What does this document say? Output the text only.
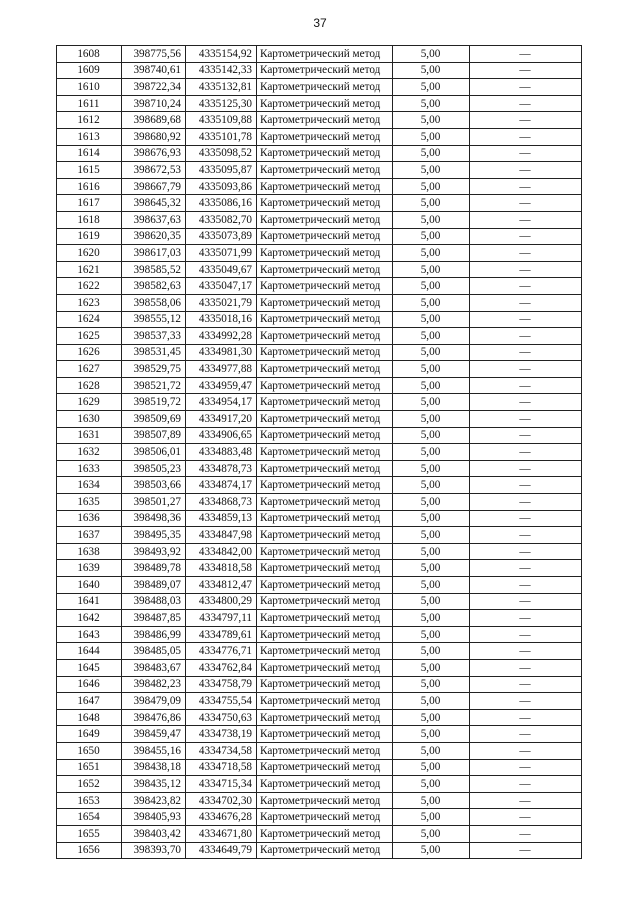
37
1608	398775,56	4335154,92	Картометрический метод	5,00	—
1609	398740,61	4335142,33	Картометрический метод	5,00	—
1610	398722,34	4335132,81	Картометрический метод	5,00	—
1611	398710,24	4335125,30	Картометрический метод	5,00	—
1612	398689,68	4335109,88	Картометрический метод	5,00	—
1613	398680,92	4335101,78	Картометрический метод	5,00	—
1614	398676,93	4335098,52	Картометрический метод	5,00	—
1615	398672,53	4335095,87	Картометрический метод	5,00	—
1616	398667,79	4335093,86	Картометрический метод	5,00	—
1617	398645,32	4335086,16	Картометрический метод	5,00	—
1618	398637,63	4335082,70	Картометрический метод	5,00	—
1619	398620,35	4335073,89	Картометрический метод	5,00	—
1620	398617,03	4335071,99	Картометрический метод	5,00	—
1621	398585,52	4335049,67	Картометрический метод	5,00	—
1622	398582,63	4335047,17	Картометрический метод	5,00	—
1623	398558,06	4335021,79	Картометрический метод	5,00	—
1624	398555,12	4335018,16	Картометрический метод	5,00	—
1625	398537,33	4334992,28	Картометрический метод	5,00	—
1626	398531,45	4334981,30	Картометрический метод	5,00	—
1627	398529,75	4334977,88	Картометрический метод	5,00	—
1628	398521,72	4334959,47	Картометрический метод	5,00	—
1629	398519,72	4334954,17	Картометрический метод	5,00	—
1630	398509,69	4334917,20	Картометрический метод	5,00	—
1631	398507,89	4334906,65	Картометрический метод	5,00	—
1632	398506,01	4334883,48	Картометрический метод	5,00	—
1633	398505,23	4334878,73	Картометрический метод	5,00	—
1634	398503,66	4334874,17	Картометрический метод	5,00	—
1635	398501,27	4334868,73	Картометрический метод	5,00	—
1636	398498,36	4334859,13	Картометрический метод	5,00	—
1637	398495,35	4334847,98	Картометрический метод	5,00	—
1638	398493,92	4334842,00	Картометрический метод	5,00	—
1639	398489,78	4334818,58	Картометрический метод	5,00	—
1640	398489,07	4334812,47	Картометрический метод	5,00	—
1641	398488,03	4334800,29	Картометрический метод	5,00	—
1642	398487,85	4334797,11	Картометрический метод	5,00	—
1643	398486,99	4334789,61	Картометрический метод	5,00	—
1644	398485,05	4334776,71	Картометрический метод	5,00	—
1645	398483,67	4334762,84	Картометрический метод	5,00	—
1646	398482,23	4334758,79	Картометрический метод	5,00	—
1647	398479,09	4334755,54	Картометрический метод	5,00	—
1648	398476,86	4334750,63	Картометрический метод	5,00	—
1649	398459,47	4334738,19	Картометрический метод	5,00	—
1650	398455,16	4334734,58	Картометрический метод	5,00	—
1651	398438,18	4334718,58	Картометрический метод	5,00	—
1652	398435,12	4334715,34	Картометрический метод	5,00	—
1653	398423,82	4334702,30	Картометрический метод	5,00	—
1654	398405,93	4334676,28	Картометрический метод	5,00	—
1655	398403,42	4334671,80	Картометрический метод	5,00	—
1656	398393,70	4334649,79	Картометрический метод	5,00	—
